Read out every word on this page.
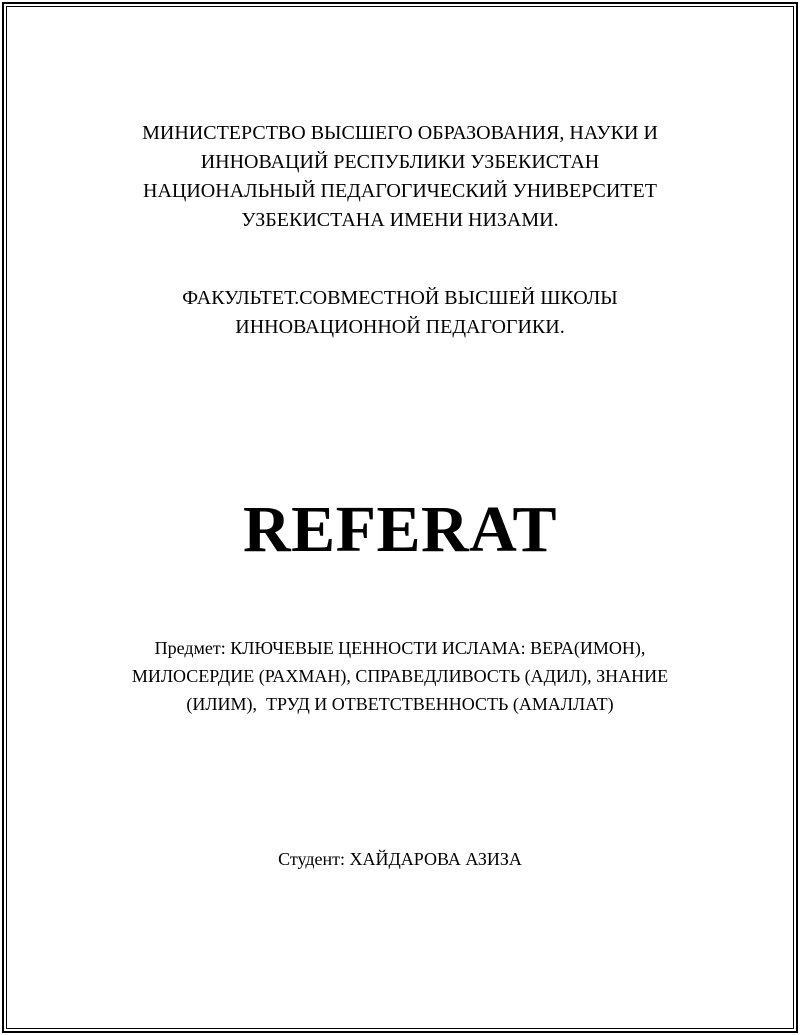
МИНИСТЕРСТВО ВЫСШЕГО ОБРАЗОВАНИЯ, НАУКИ И
ИННОВАЦИЙ РЕСПУБЛИКИ УЗБЕКИСТАН
НАЦИОНАЛЬНЫЙ ПЕДАГОГИЧЕСКИЙ УНИВЕРСИТЕТ
УЗБЕКИСТАНА ИМЕНИ НИЗАМИ.
ФАКУЛЬТЕТ.СОВМЕСТНОЙ ВЫСШЕЙ ШКОЛЫ
ИННОВАЦИОННОЙ ПЕДАГОГИКИ.
REFERAT
Предмет: КЛЮЧЕВЫЕ ЦЕННОСТИ ИСЛАМА: ВЕРА(ИМОН),
МИЛОСЕРДИЕ (РАХМАН), СПРАВЕДЛИВОСТЬ (АДИЛ), ЗНАНИЕ
(ИЛИМ),  ТРУД И ОТВЕТСТВЕННОСТЬ (АМАЛЛАТ)
Студент: ХАЙДАРОВА АЗИЗА
